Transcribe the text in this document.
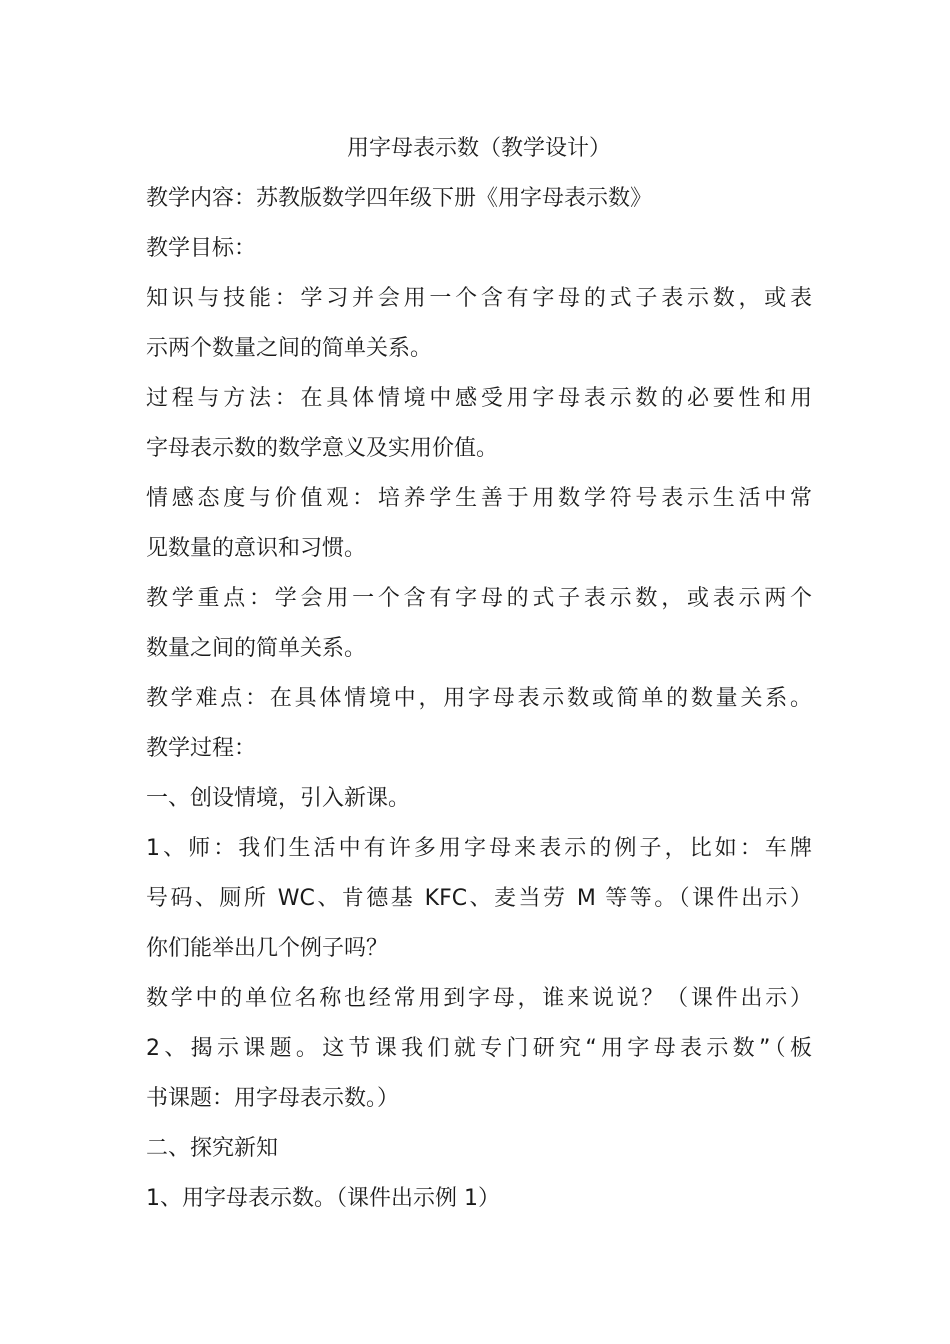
用字母表示数（教学设计）
教学内容：苏教版数学四年级下册《用字母表示数》
教学目标：
知识与技能：学习并会用一个含有字母的式子表示数，或表
示两个数量之间的简单关系。
过程与方法：在具体情境中感受用字母表示数的必要性和用
字母表示数的数学意义及实用价值。
情感态度与价值观：培养学生善于用数学符号表示生活中常
见数量的意识和习惯。
教学重点：学会用一个含有字母的式子表示数，或表示两个
数量之间的简单关系。
教学难点：在具体情境中，用字母表示数或简单的数量关系。
教学过程：
一、创设情境，引入新课。
1、师：我们生活中有许多用字母来表示的例子，比如：车牌
号码、厕所 WC、肯德基 KFC、麦当劳 M 等等。（课件出示）
你们能举出几个例子吗？
数学中的单位名称也经常用到字母，谁来说说？（课件出示）
2、揭示课题。这节课我们就专门研究“用字母表示数”（板
书课题：用字母表示数。）
二、探究新知
1、用字母表示数。（课件出示例 1）
